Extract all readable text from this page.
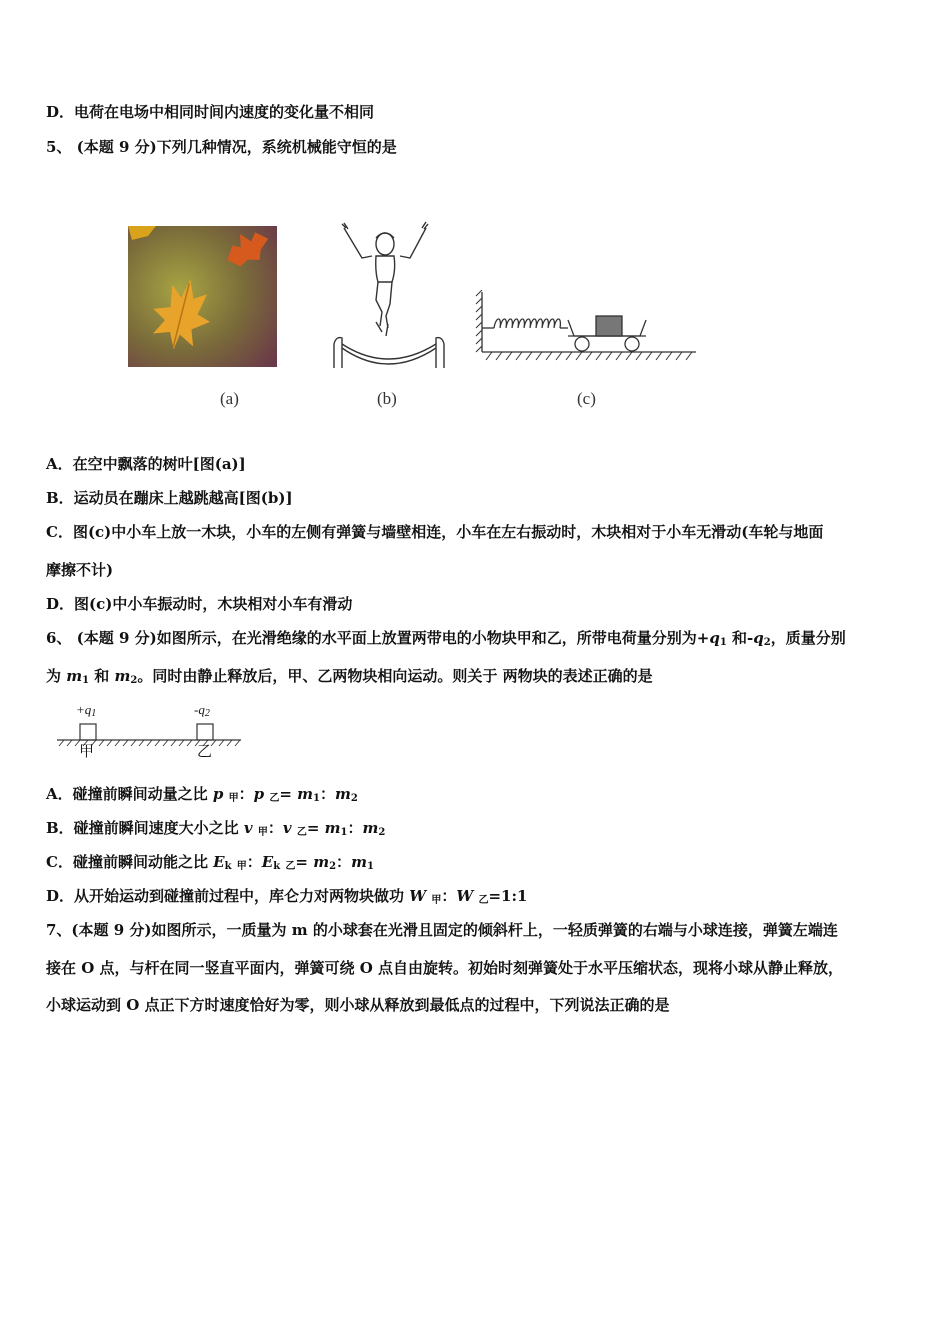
D．电荷在电场中相同时间内速度的变化量不相同
5、 (本题 9 分)下列几种情况，系统机械能守恒的是
(a)	(b)	(c)
A．在空中飘落的树叶[图(a)]
B．运动员在蹦床上越跳越高[图(b)]
C．图(c)中小车上放一木块，小车的左侧有弹簧与墙壁相连，小车在左右振动时，木块相对于小车无滑动(车轮与地面
摩擦不计)
D．图(c)中小车振动时，木块相对小车有滑动
6、 (本题 9 分)如图所示，在光滑绝缘的水平面上放置两带电的小物块甲和乙，所带电荷量分别为$+q_1$ 和$-q_2$，质量分别
为 $m_1$ 和 $m_2$。同时由静止释放后，甲、乙两物块相向运动。则关于 两物块的表述正确的是
$+q_1$	$-q_2$
甲	乙
A．碰撞前瞬间动量之比 p $_甲$：p $_乙= m_1$：$m_2$
B．碰撞前瞬间速度大小之比 v $_甲$：v $_乙= m_1$：$m_2$
C．碰撞前瞬间动能之比 $E_k$ $_甲$：$E_k$ $_乙= m_2$：$m_1$
D．从开始运动到碰撞前过程中，库仑力对两物块做功 W $_甲$：W $_乙$=1:1
7、(本题 9 分)如图所示，一质量为 m 的小球套在光滑且固定的倾斜杆上，一轻质弹簧的右端与小球连接，弹簧左端连
接在 O 点，与杆在同一竖直平面内，弹簧可绕 O 点自由旋转。初始时刻弹簧处于水平压缩状态，现将小球从静止释放，
小球运动到 O 点正下方时速度恰好为零，则小球从释放到最低点的过程中，下列说法正确的是
